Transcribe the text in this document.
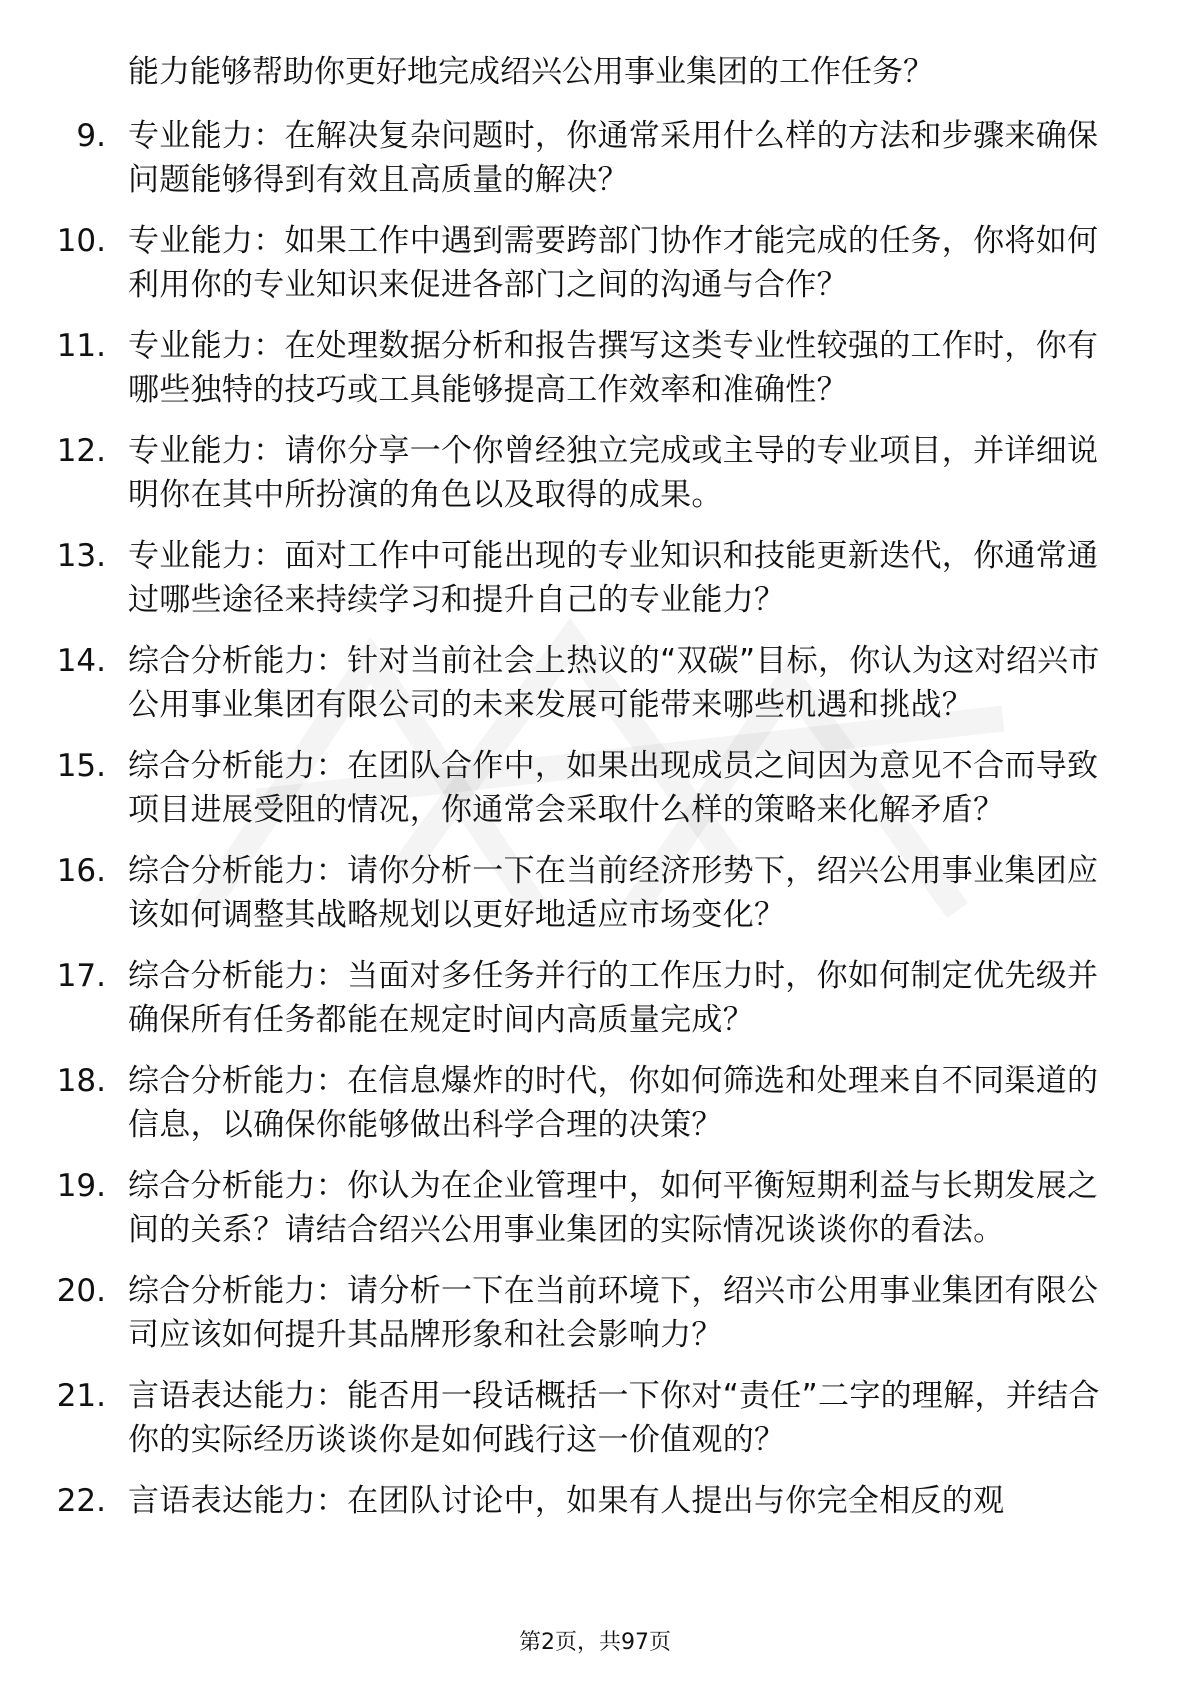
能力能够帮助你更好地完成绍兴公用事业集团的工作任务？
9. 专业能力：在解决复杂问题时，你通常采用什么样的方法和步骤来确保问题能够得到有效且高质量的解决？
10. 专业能力：如果工作中遇到需要跨部门协作才能完成的任务，你将如何利用你的专业知识来促进各部门之间的沟通与合作？
11. 专业能力：在处理数据分析和报告撰写这类专业性较强的工作时，你有哪些独特的技巧或工具能够提高工作效率和准确性？
12. 专业能力：请你分享一个你曾经独立完成或主导的专业项目，并详细说明你在其中所扮演的角色以及取得的成果。
13. 专业能力：面对工作中可能出现的专业知识和技能更新迭代，你通常通过哪些途径来持续学习和提升自己的专业能力？
14. 综合分析能力：针对当前社会上热议的“双碳”目标，你认为这对绍兴市公用事业集团有限公司的未来发展可能带来哪些机遇和挑战？
15. 综合分析能力：在团队合作中，如果出现成员之间因为意见不合而导致项目进展受阻的情况，你通常会采取什么样的策略来化解矛盾？
16. 综合分析能力：请你分析一下在当前经济形势下，绍兴公用事业集团应该如何调整其战略规划以更好地适应市场变化？
17. 综合分析能力：当面对多任务并行的工作压力时，你如何制定优先级并确保所有任务都能在规定时间内高质量完成？
18. 综合分析能力：在信息爆炸的时代，你如何筛选和处理来自不同渠道的信息，以确保你能够做出科学合理的决策？
19. 综合分析能力：你认为在企业管理中，如何平衡短期利益与长期发展之间的关系？请结合绍兴公用事业集团的实际情况谈谈你的看法。
20. 综合分析能力：请分析一下在当前环境下，绍兴市公用事业集团有限公司应该如何提升其品牌形象和社会影响力？
21. 言语表达能力：能否用一段话概括一下你对“责任”二字的理解，并结合你的实际经历谈谈你是如何践行这一价值观的？
22. 言语表达能力：在团队讨论中，如果有人提出与你完全相反的观
第2页，共97页
